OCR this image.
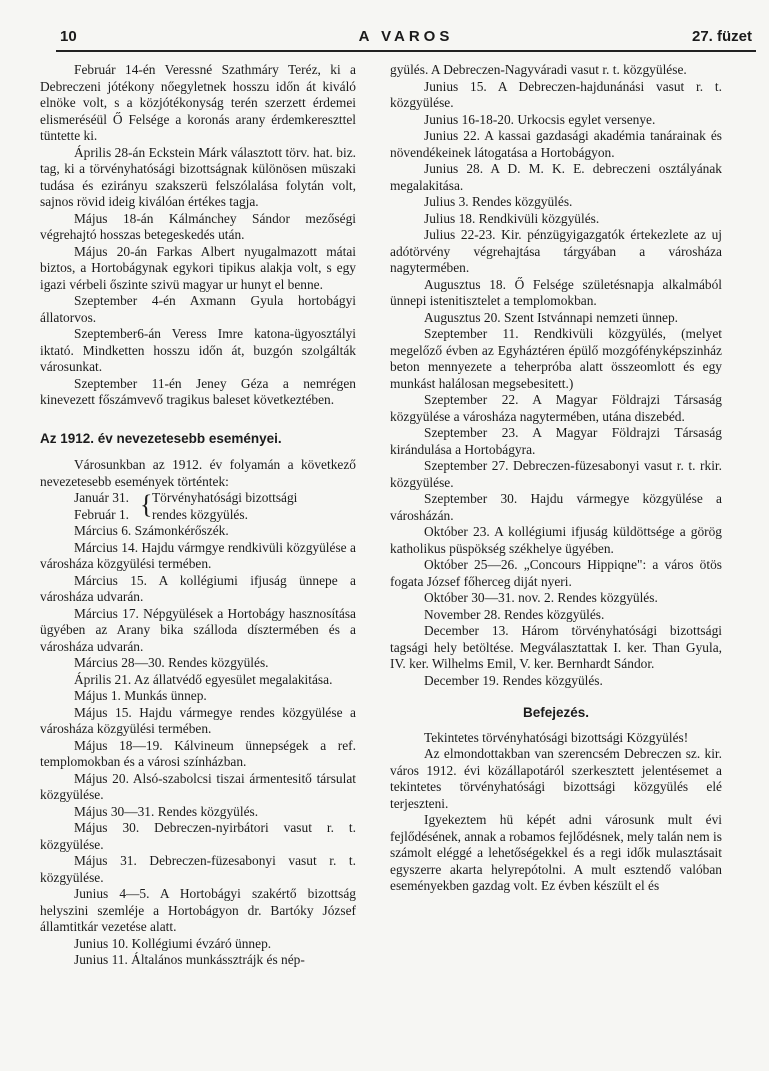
10	A VAROS	27. füzet

Február 14-én Veressné Szathmáry Teréz, ki a Debreczeni jótékony nőegyletnek hosszu időn át kiváló elnöke volt, s a közjótékonyság terén szerzett érdemei elismeréséül Ő Felsége a koronás arany érdemkereszttel tüntette ki.

Április 28-án Eckstein Márk választott törv. hat. biz. tag, ki a törvényhatósági bizottságnak különösen müszaki tudása és ezirányu szakszerü felszólalása folytán volt, sajnos rövid ideig kiválóan értékes tagja.

Május 18-án Kálmánchey Sándor mezőségi végrehajtó hosszas betegeskedés után.

Május 20-án Farkas Albert nyugalmazott mátai biztos, a Hortobágynak egykori tipikus alakja volt, s egy igazi vérbeli őszinte szivü magyar ur hunyt el benne.

Szeptember 4-én Axmann Gyula hortobágyi állatorvos.

Szeptember6-án Veress Imre katona-ügyosztályi iktató. Mindketten hosszu időn át, buzgón szolgálták városunkat.

Szeptember 11-én Jeney Géza a nemrégen kinevezett főszámvevő tragikus baleset következtében.

Az 1912. év nevezetesebb eseményei.

Városunkban az 1912. év folyamán a következő nevezetesebb események történtek:

Január 31.
Február 1. { Törvényhatósági bizottsági
rendes közgyülés.

Március 6. Számonkérőszék.

Március 14. Hajdu vármgye rendkivüli közgyülése a városháza közgyülési termében.

Március 15. A kollégiumi ifjuság ünnepe a városháza udvarán.

Március 17. Népgyülések a Hortobágy hasznosítása ügyében az Arany bika szálloda dísztermében és a városháza udvarán.

Március 28—30. Rendes közgyülés.

Április 21. Az állatvédő egyesület megalakitása.

Május 1. Munkás ünnep.

Május 15. Hajdu vármegye rendes közgyülése a városháza közgyülési termében.

Május 18—19. Kálvineum ünnepségek a ref. templomokban és a városi színházban.

Május 20. Alsó-szabolcsi tiszai ármentesitő társulat közgyülése.

Május 30—31. Rendes közgyülés.

Május 30. Debreczen-nyirbátori vasut r. t. közgyülése.

Május 31. Debreczen-füzesabonyi vasut r. t. közgyülése.

Junius 4—5. A Hortobágyi szakértő bizottság helyszini szemléje a Hortobágyon dr. Bartóky József államtitkár vezetése alatt.

Junius 10. Kollégiumi évzáró ünnep.

Junius 11. Általános munkássztrájk és nép-

gyülés. A Debreczen-Nagyváradi vasut r. t. közgyülése.

Junius 15. A Debreczen-hajdunánási vasut r. t. közgyülése.

Junius 16-18-20. Urkocsis egylet versenye.

Junius 22. A kassai gazdasági akadémia tanárainak és növendékeinek látogatása a Hortobágyon.

Junius 28. A D. M. K. E. debreczeni osztályának megalakitása.

Julius 3. Rendes közgyülés.

Julius 18. Rendkivüli közgyülés.

Julius 22-23. Kir. pénzügyigazgatók értekezlete az uj adótörvény végrehajtása tárgyában a városháza nagytermében.

Augusztus 18. Ő Felsége születésnapja alkalmából ünnepi istenitisztelet a templomokban.

Augusztus 20. Szent Istvánnapi nemzeti ünnep.

Szeptember 11. Rendkivüli közgyülés, (melyet megelőző évben az Egyháztéren épülő mozgófényképszinház beton mennyezete a teherpróba alatt összeomlott és egy munkást halálosan megsebesitett.)

Szeptember 22. A Magyar Földrajzi Társaság közgyülése a városháza nagytermében, utána diszebéd.

Szeptember 23. A Magyar Földrajzi Társaság kirándulása a Hortobágyra.

Szeptember 27. Debreczen-füzesabonyi vasut r. t. rkir. közgyülése.

Szeptember 30. Hajdu vármegye közgyülése a városházán.

Október 23. A kollégiumi ifjuság küldöttsége a görög katholikus püspökség székhelye ügyében.

Október 25—26. „Concours Hippiqne": a város ötös fogata József főherceg diját nyeri.

Október 30—31. nov. 2. Rendes közgyülés.

November 28. Rendes közgyülés.

December 13. Három törvényhatósági bizottsági tagsági hely betöltése. Megválasztattak I. ker. Than Gyula, IV. ker. Wilhelms Emil, V. ker. Bernhardt Sándor.

December 19. Rendes közgyülés.

Befejezés.

Tekintetes törvényhatósági bizottsági Közgyülés!

Az elmondottakban van szerencsém Debreczen sz. kir. város 1912. évi közállapotáról szerkesztett jelentésemet a tekintetes törvényhatósági bizottsági közgyülés elé terjeszteni.

Igyekeztem hü képét adni városunk mult évi fejlődésének, annak a robamos fejlődésnek, mely talán nem is számolt eléggé a lehetőségekkel és a regi idők mulasztásait egyszerre akarta helyrepótolni. A mult esztendő valóban eseményekben gazdag volt. Ez évben készült el és
